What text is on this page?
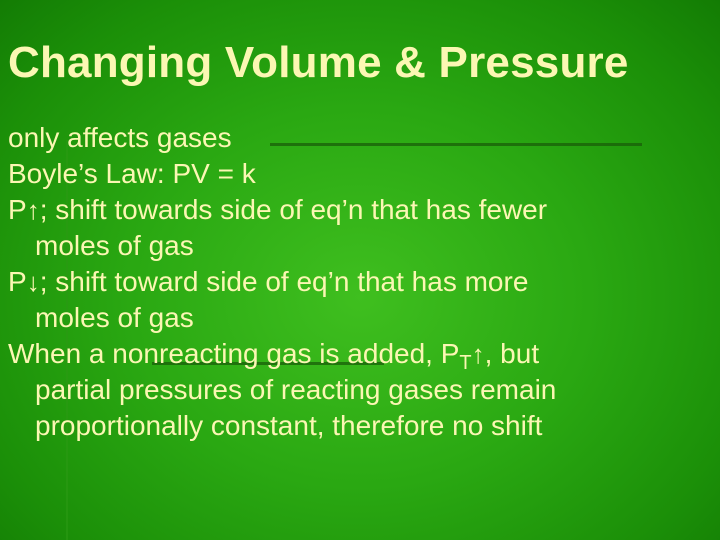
Changing Volume & Pressure
only affects gases
Boyle’s Law: PV = k
P↑; shift towards side of eq’n that has fewer
moles of gas
P↓; shift toward side of eq’n that has more
moles of gas
When a nonreacting gas is added, $P_T↑$, but
partial pressures of reacting gases remain
proportionally constant, therefore no shift
